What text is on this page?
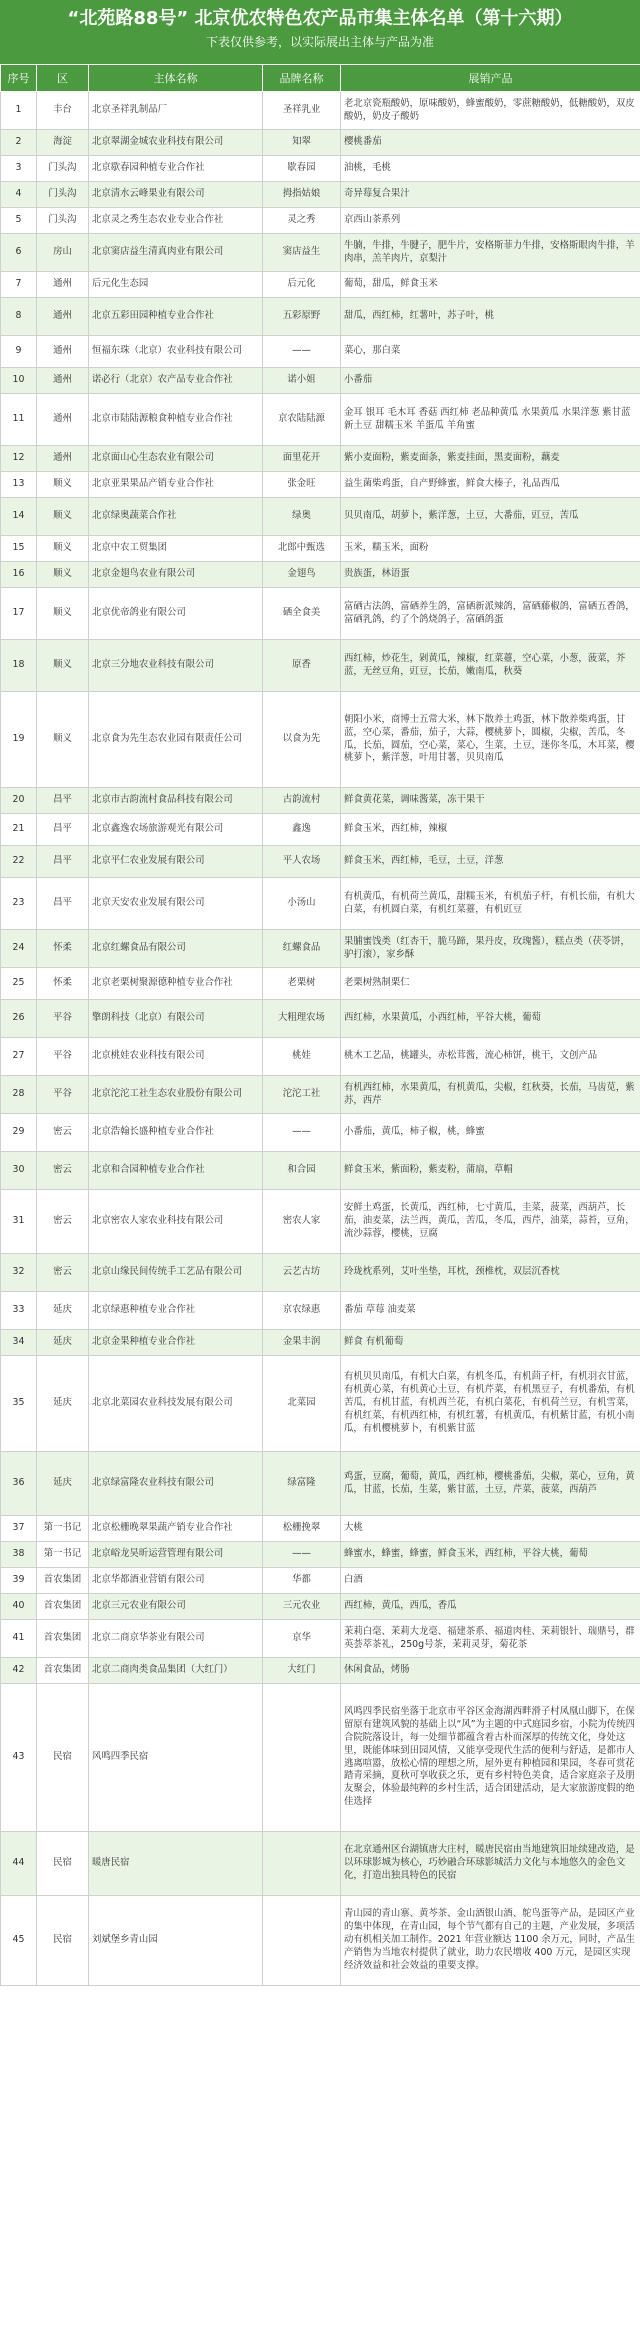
“北苑路88号” 北京优农特色农产品市集主体名单（第十六期）
下表仅供参考，以实际展出主体与产品为准
序号	区	主体名称	品牌名称	展销产品
1	丰台	北京圣祥乳制品厂	圣祥乳业	老北京瓷瓶酸奶，原味酸奶，蜂蜜酸奶，零蔗糖酸奶，低糖酸奶，双皮酸奶，奶皮子酸奶
2	海淀	北京翠湖金城农业科技有限公司	知翠	樱桃番茄
3	门头沟	北京歇春园种植专业合作社	歇春园	油桃，毛桃
4	门头沟	北京清水云峰果业有限公司	拇指姑娘	奇异莓复合果汁
5	门头沟	北京灵之秀生态农业专业合作社	灵之秀	京西山茶系列
6	房山	北京窦店益生清真肉业有限公司	窦店益生	牛腩，牛排，牛腱子，肥牛片，安格斯菲力牛排，安格斯眼肉牛排，羊肉串，羔羊肉片，京梨汁
7	通州	后元化生态园	后元化	葡萄，甜瓜，鲜食玉米
8	通州	北京五彩田园种植专业合作社	五彩原野	甜瓜，西红柿，红薯叶，苏子叶，桃
9	通州	恒福东珠（北京）农业科技有限公司	——	菜心，那白菜
10	通州	诺必行（北京）农产品专业合作社	诺小姐	小番茄
11	通州	北京市陆陆源粮食种植专业合作社	京农陆陆源	金耳 银耳 毛木耳 香菇 西红柿 老品种黄瓜 水果黄瓜 水果洋葱 紫甘蓝 新土豆 甜糯玉米 羊蛋瓜 羊角蜜
12	通州	北京面山心生态农业有限公司	面里花开	紫小麦面粉，紫麦面条，紫麦挂面，黑麦面粉，藕麦
13	顺义	北京亚果果品产销专业合作社	张金旺	益生菌柴鸡蛋，自产野蜂蜜，鲜食大榛子，礼品西瓜
14	顺义	北京绿奥蔬菜合作社	绿奥	贝贝南瓜，胡萝卜，紫洋葱，土豆，大番茄，豇豆，苦瓜
15	顺义	北京中农工贸集团	北郎中甄选	玉米，糯玉米，面粉
16	顺义	北京金翅鸟农业有限公司	金翅鸟	贵族蛋，林语蛋
17	顺义	北京优帝鸽业有限公司	硒全食美	富硒古法鸽，富硒养生鸽，富硒新派辣鸽，富硒藤椒鸽，富硒五香鸽，富硒乳鸽，约了个鸽烧鸽子，富硒鸽蛋
18	顺义	北京三分地农业科技有限公司	原香	西红柿，炒花生，剁黄瓜，辣椒，红菜薹，空心菜，小葱，菠菜，芥蓝，无丝豆角，豇豆，长茄，嫩南瓜，秋葵
19	顺义	北京食为先生态农业园有限责任公司	以食为先	朝阳小米，商博士五常大米，林下散养土鸡蛋，林下散养柴鸡蛋，甘蓝，空心菜，番茄，茄子，大蒜，樱桃萝卜，圆椒，尖椒，苦瓜，冬瓜，长茄，圆茄，空心菜，菜心，生菜，土豆，迷你冬瓜，木耳菜，樱桃萝卜，紫洋葱，叶用甘薯，贝贝南瓜
20	昌平	北京市古韵流村食品科技有限公司	古韵流村	鲜食黄花菜，调味酱菜，冻干果干
21	昌平	北京鑫逸农场旅游观光有限公司	鑫逸	鲜食玉米，西红柿，辣椒
22	昌平	北京平仁农业发展有限公司	平人农场	鲜食玉米，西红柿，毛豆，土豆，洋葱
23	昌平	北京天安农业发展有限公司	小汤山	有机黄瓜，有机荷兰黄瓜，甜糯玉米，有机茄子杆，有机长茄，有机大白菜，有机圆白菜，有机红菜薹，有机豇豆
24	怀柔	北京红螺食品有限公司	红螺食品	果脯蜜饯类（红杏干，脆马蹄，果丹皮，玫瑰酱），糕点类（茯苓饼，驴打滚），家乡酥
25	怀柔	北京老栗树聚源德种植专业合作社	老栗树	老栗树熟制栗仁
26	平谷	擎朗科技（北京）有限公司	大粗理农场	西红柿，水果黄瓜，小西红柿，平谷大桃，葡萄
27	平谷	北京桃娃农业科技有限公司	桃娃	桃木工艺品，桃罐头，赤松茸酱，流心柿饼，桃干，文创产品
28	平谷	北京沱沱工社生态农业股份有限公司	沱沱工社	有机西红柿，水果黄瓜，有机黄瓜，尖椒，红秋葵，长茄，马齿苋，紫苏，西芹
29	密云	北京浩翰长盛种植专业合作社	——	小番茄，黄瓜，柿子椒，桃，蜂蜜
30	密云	北京和合园种植专业合作社	和合园	鲜食玉米，紫面粉，紫麦粉，蒲扇，草帽
31	密云	北京密农人家农业科技有限公司	密农人家	安鲜土鸡蛋，长黄瓜，西红柿，七寸黄瓜，圭菜，菠菜，西葫芦，长茄，油麦菜，法兰西，黄瓜，苦瓜，冬瓜，西芹，油菜，蒜苔，豆角，流沙蒜蓉，樱桃，豆腐
32	密云	北京山缘民间传统手工艺品有限公司	云艺古坊	玲珑枕系列，艾叶坐垫，耳枕，颈椎枕，双层沉香枕
33	延庆	北京绿惠种植专业合作社	京农绿惠	番茄 草莓 油麦菜
34	延庆	北京金果种植专业合作社	金果丰润	鲜食 有机葡萄
35	延庆	北京北菜园农业科技发展有限公司	北菜园	有机贝贝南瓜，有机大白菜，有机冬瓜，有机茴子杆，有机羽衣甘蓝，有机黄心菜，有机黄心土豆，有机芹菜，有机黑豆子，有机番茄，有机苦瓜，有机甘蓝，有机西兰花，有机白菜花，有机荷兰豆，有机雪菜，有机红菜，有机西红柿，有机红薯，有机黄瓜，有机紫甘蓝，有机小南瓜，有机樱桃萝卜，有机紫甘蓝
36	延庆	北京绿富隆农业科技有限公司	绿富隆	鸡蛋，豆腐，葡萄，黄瓜，西红柿，樱桃番茄，尖椒，菜心，豆角，黄瓜，甘蓝，长茄，生菜，紫甘蓝，土豆，芹菜，菠菜，西葫芦
37	第一书记	北京松栅晚翠果蔬产销专业合作社	松栅挽翠	大桃
38	第一书记	北京峪龙昊昕运营管理有限公司	——	蜂蜜水，蜂蜜，蜂蜜，鲜食玉米，西红柿，平谷大桃，葡萄
39	首农集团	北京华都酒业营销有限公司	华都	白酒
40	首农集团	北京三元农业有限公司	三元农业	西红柿，黄瓜，西瓜，香瓜
41	首农集团	北京二商京华茶业有限公司	京华	茉莉白毫、茉莉大龙毫、福建茶系、福道肉桂、茉莉银针、瑞鼎号，群英荟萃茶礼，250g号茶，茉莉灵芽，菊花茶
42	首农集团	北京二商肉类食品集团（大红门）	大红门	休闲食品，烤肠
43	民宿	风鸣四季民宿		风鸣四季民宿坐落于北京市平谷区金海湖西畔滑子村凤凰山脚下，在保留原有建筑风貌的基础上以“风”为主题的中式庭园乡宿，小院为传统四合院院落设计，每一处细节都蕴含着古朴而深厚的传统文化，身处这里，既能体味到田园风情，又能享受现代生活的便利与舒适，是都市人逃离喧嚣，放松心情的理想之所，屋外更有种植园和果园，冬春可赏花踏青采摘，夏秋可享收获之乐，更有乡村特色美食，适合家庭亲子及朋友聚会，体验最纯粹的乡村生活，适合团建活动，是大家旅游度假的绝佳选择
44	民宿	暖唐民宿		在北京通州区台湖镇唐大庄村，暖唐民宿由当地建筑旧址续建改造，是以环球影城为核心，巧妙融合环球影城活力文化与本地悠久的金色文化，打造出独具特色的民宿
45	民宿	刘斌堡乡青山园		青山园的青山寨、黄芩茶、金山酒银山酒、鸵鸟蛋等产品，是园区产业的集中体现，在青山园，每个节气都有自己的主题，产业发展，多项活动有机相关加工制作。2021 年营业额达 1100 余万元，同时，产品生产销售为当地农村提供了就业，助力农民增收 400 万元，是园区实现经济效益和社会效益的重要支撑。
